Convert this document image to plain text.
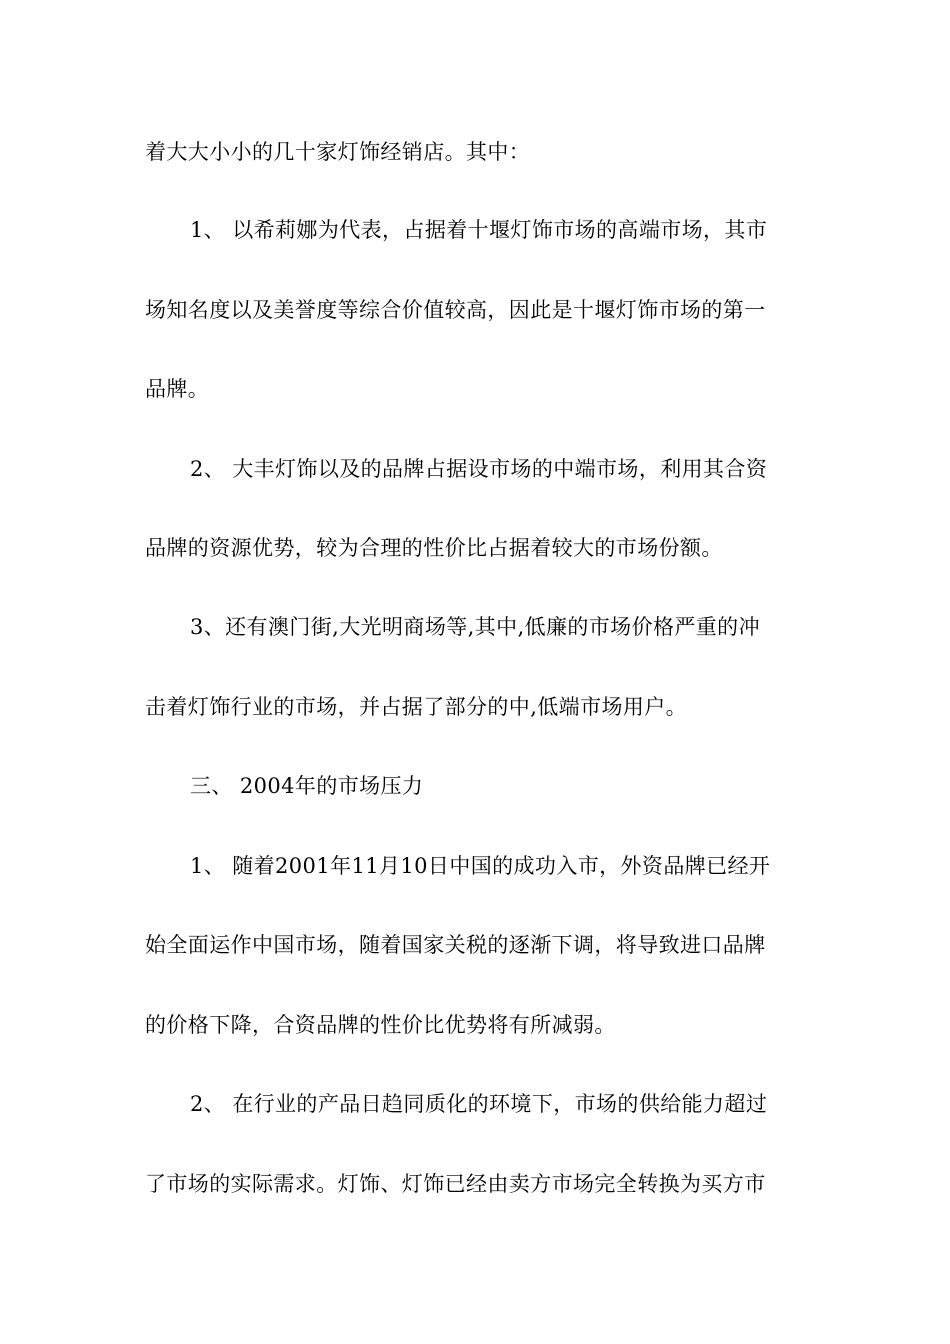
着大大小小的几十家灯饰经销店。其中：
1、 以希莉娜为代表，占据着十堰灯饰市场的高端市场，其市
场知名度以及美誉度等综合价值较高，因此是十堰灯饰市场的第一
品牌。
2、 大丰灯饰以及的品牌占据设市场的中端市场，利用其合资
品牌的资源优势，较为合理的性价比占据着较大的市场份额。
3、还有澳门街,大光明商场等,其中,低廉的市场价格严重的冲
击着灯饰行业的市场，并占据了部分的中,低端市场用户。
三、 2004年的市场压力
1、 随着2001年11月10日中国的成功入市，外资品牌已经开
始全面运作中国市场，随着国家关税的逐渐下调，将导致进口品牌
的价格下降，合资品牌的性价比优势将有所减弱。
2、 在行业的产品日趋同质化的环境下，市场的供给能力超过
了市场的实际需求。灯饰、灯饰已经由卖方市场完全转换为买方市
